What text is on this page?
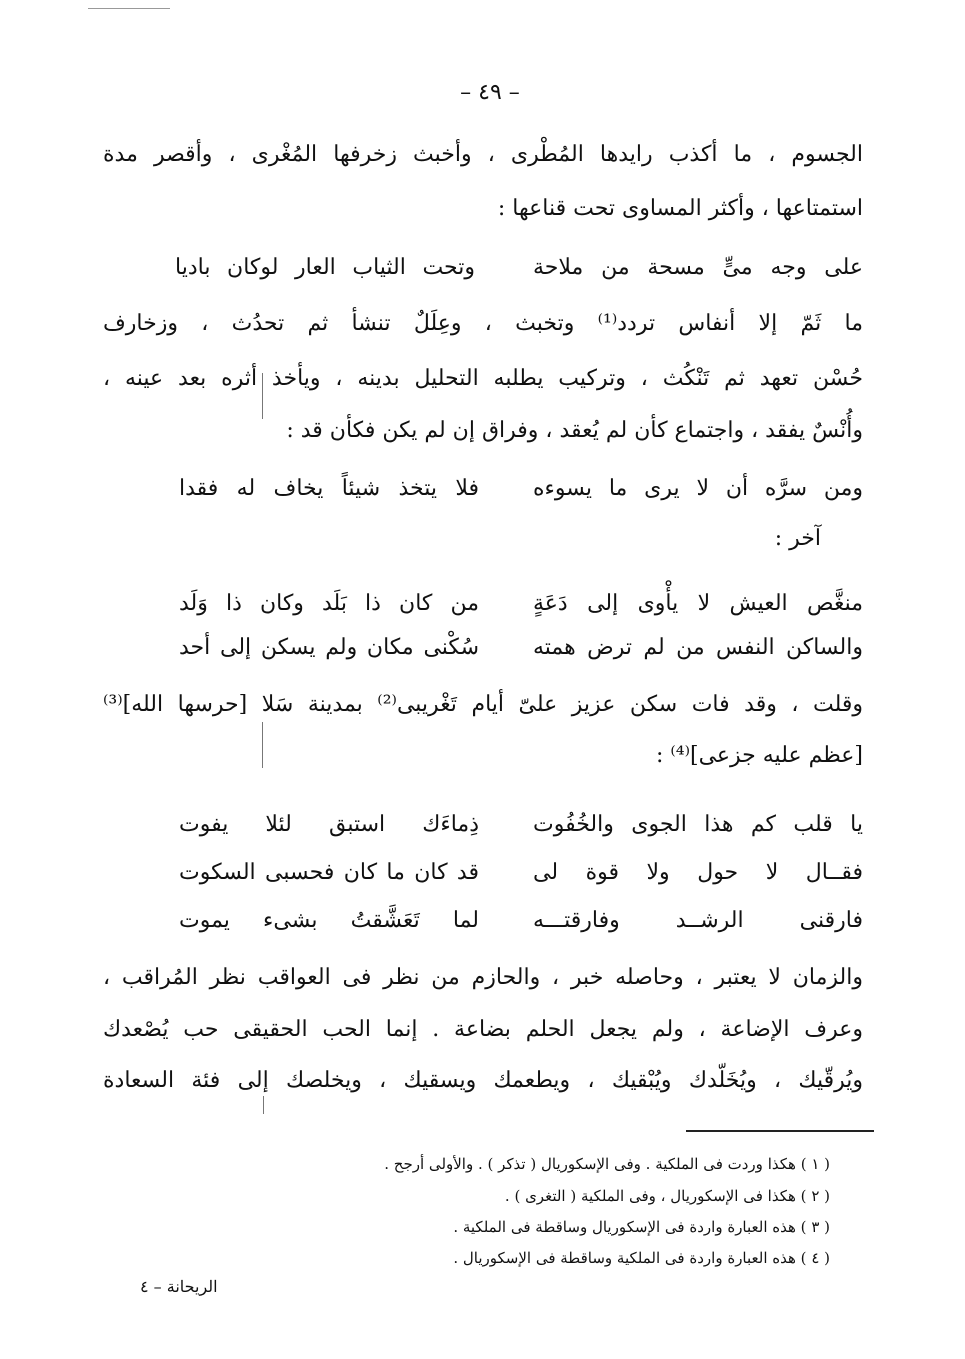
– ٤٩ –
الجسوم ، ما أكذب رايدها المُطْرى ، وأخبث زخرفها المُغْرى ، وأقصر مدة
استمتاعها ، وأكثر المساوى تحت قناعها :
على وجه مىٍّ مسحة من ملاحة
وتحت الثياب العار لوكان باديا
ما ثَمّ إلا أنفاس تردد⁽¹⁾ وتخبث ، وعِلَلٌ تنشأ ثم تحدُث ، وزخارف
حُسْن تعهد ثم تَنْكُث ، وتركيب يطلبه التحليل بدينه ، ويأخذ أثره بعد عينه ،
وأُنْسٌ يفقد ، واجتماع كأن لم يُعقد ، وفراق إن لم يكن فكأن قد :
ومن سرَّه أن لا يرى ما يسوءه
فلا يتخذ شيئاً يخاف له فقدا
آخر :
منغَّص العيش لا يأْوى إلى دَعَةٍ
من كان ذا بَلَد وكان ذا وَلَد
والساكن النفس من لم ترض همته
سُكْنى مكان ولم يسكن إلى أحد
وقلت ، وقد فات سكن عزيز علىّ أيام تَغْريبى⁽²⁾ بمدينة سَلا [حرسها الله]⁽³⁾
[عظم عليه جزعى]⁽⁴⁾ :
يا قلب كم هذا الجوى والخُفُوت
ذِماءَك استبق لئلا يفوت
فقــال لا حول ولا قوة لى
قد كان ما كان فحسبى السكوت
فارقنى الرشــد وفارقتـــه
لما تَعَشَّقتُ بشىء يموت
والزمان لا يعتبر ، وحاصله خبر ، والحازم من نظر فى العواقب نظر المُراقب ،
وعرف الإضاعة ، ولم يجعل الحلم بضاعة . إنما الحب الحقيقى حب يُصْعدك
ويُرقّيك ، ويُخَلّدك ويُبْقيك ، ويطعمك ويسقيك ، ويخلصك إلى فئة السعادة
( ١ ) هكذا وردت فى الملكية . وفى الإسكوريال ( تذكر ) . والأولى أرجح .
( ٢ ) هكذا فى الإسكوريال ، وفى الملكية ( التغرى ) .
( ٣ ) هذه العبارة واردة فى الإسكوريال وساقطة فى الملكية .
( ٤ ) هذه العبارة واردة فى الملكية وساقطة فى الإسكوريال .
الريحانة – ٤
